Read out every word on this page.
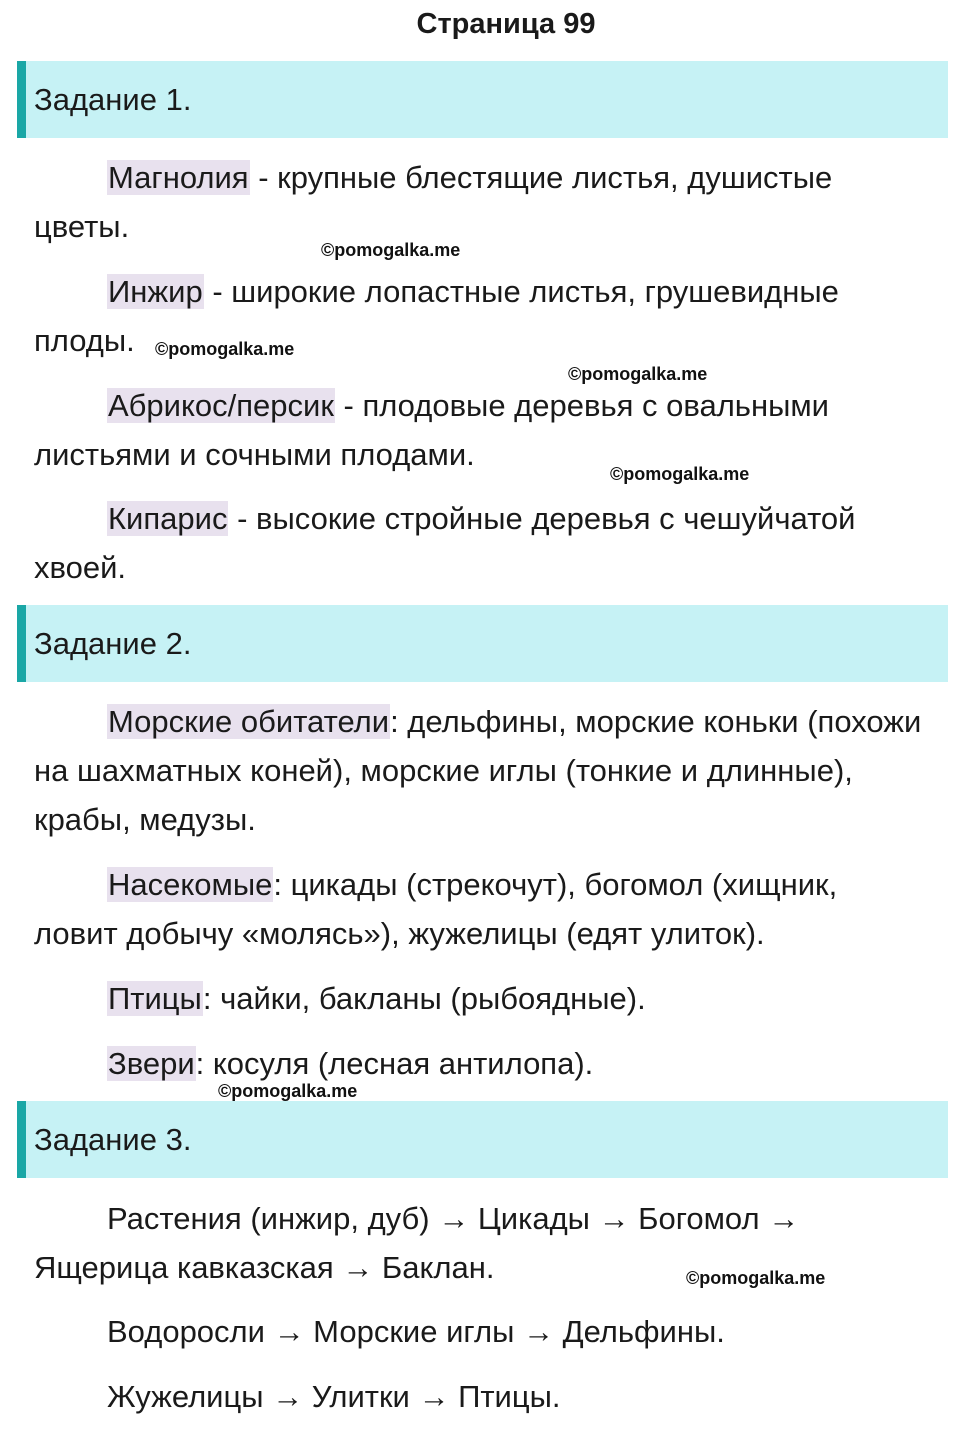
Страница 99
Задание 1.

Магнолия - крупные блестящие листья, душистые цветы.

Инжир - широкие лопастные листья, грушевидные плоды.

Абрикос/персик - плодовые деревья с овальными листьями и сочными плодами.

Кипарис - высокие стройные деревья с чешуйчатой хвоей.

Задание 2.

Морские обитатели: дельфины, морские коньки (похожи на шахматных коней), морские иглы (тонкие и длинные), крабы, медузы.

Насекомые: цикады (стрекочут), богомол (хищник, ловит добычу «молясь»), жужелицы (едят улиток).

Птицы: чайки, бакланы (рыбоядные).

Звери: косуля (лесная антилопа).

Задание 3.

Растения (инжир, дуб) → Цикады → Богомол → Ящерица кавказская → Баклан.

Водоросли → Морские иглы → Дельфины.

Жужелицы → Улитки → Птицы.

©pomogalka.me
©pomogalka.me
©pomogalka.me
©pomogalka.me
©pomogalka.me
©pomogalka.me
